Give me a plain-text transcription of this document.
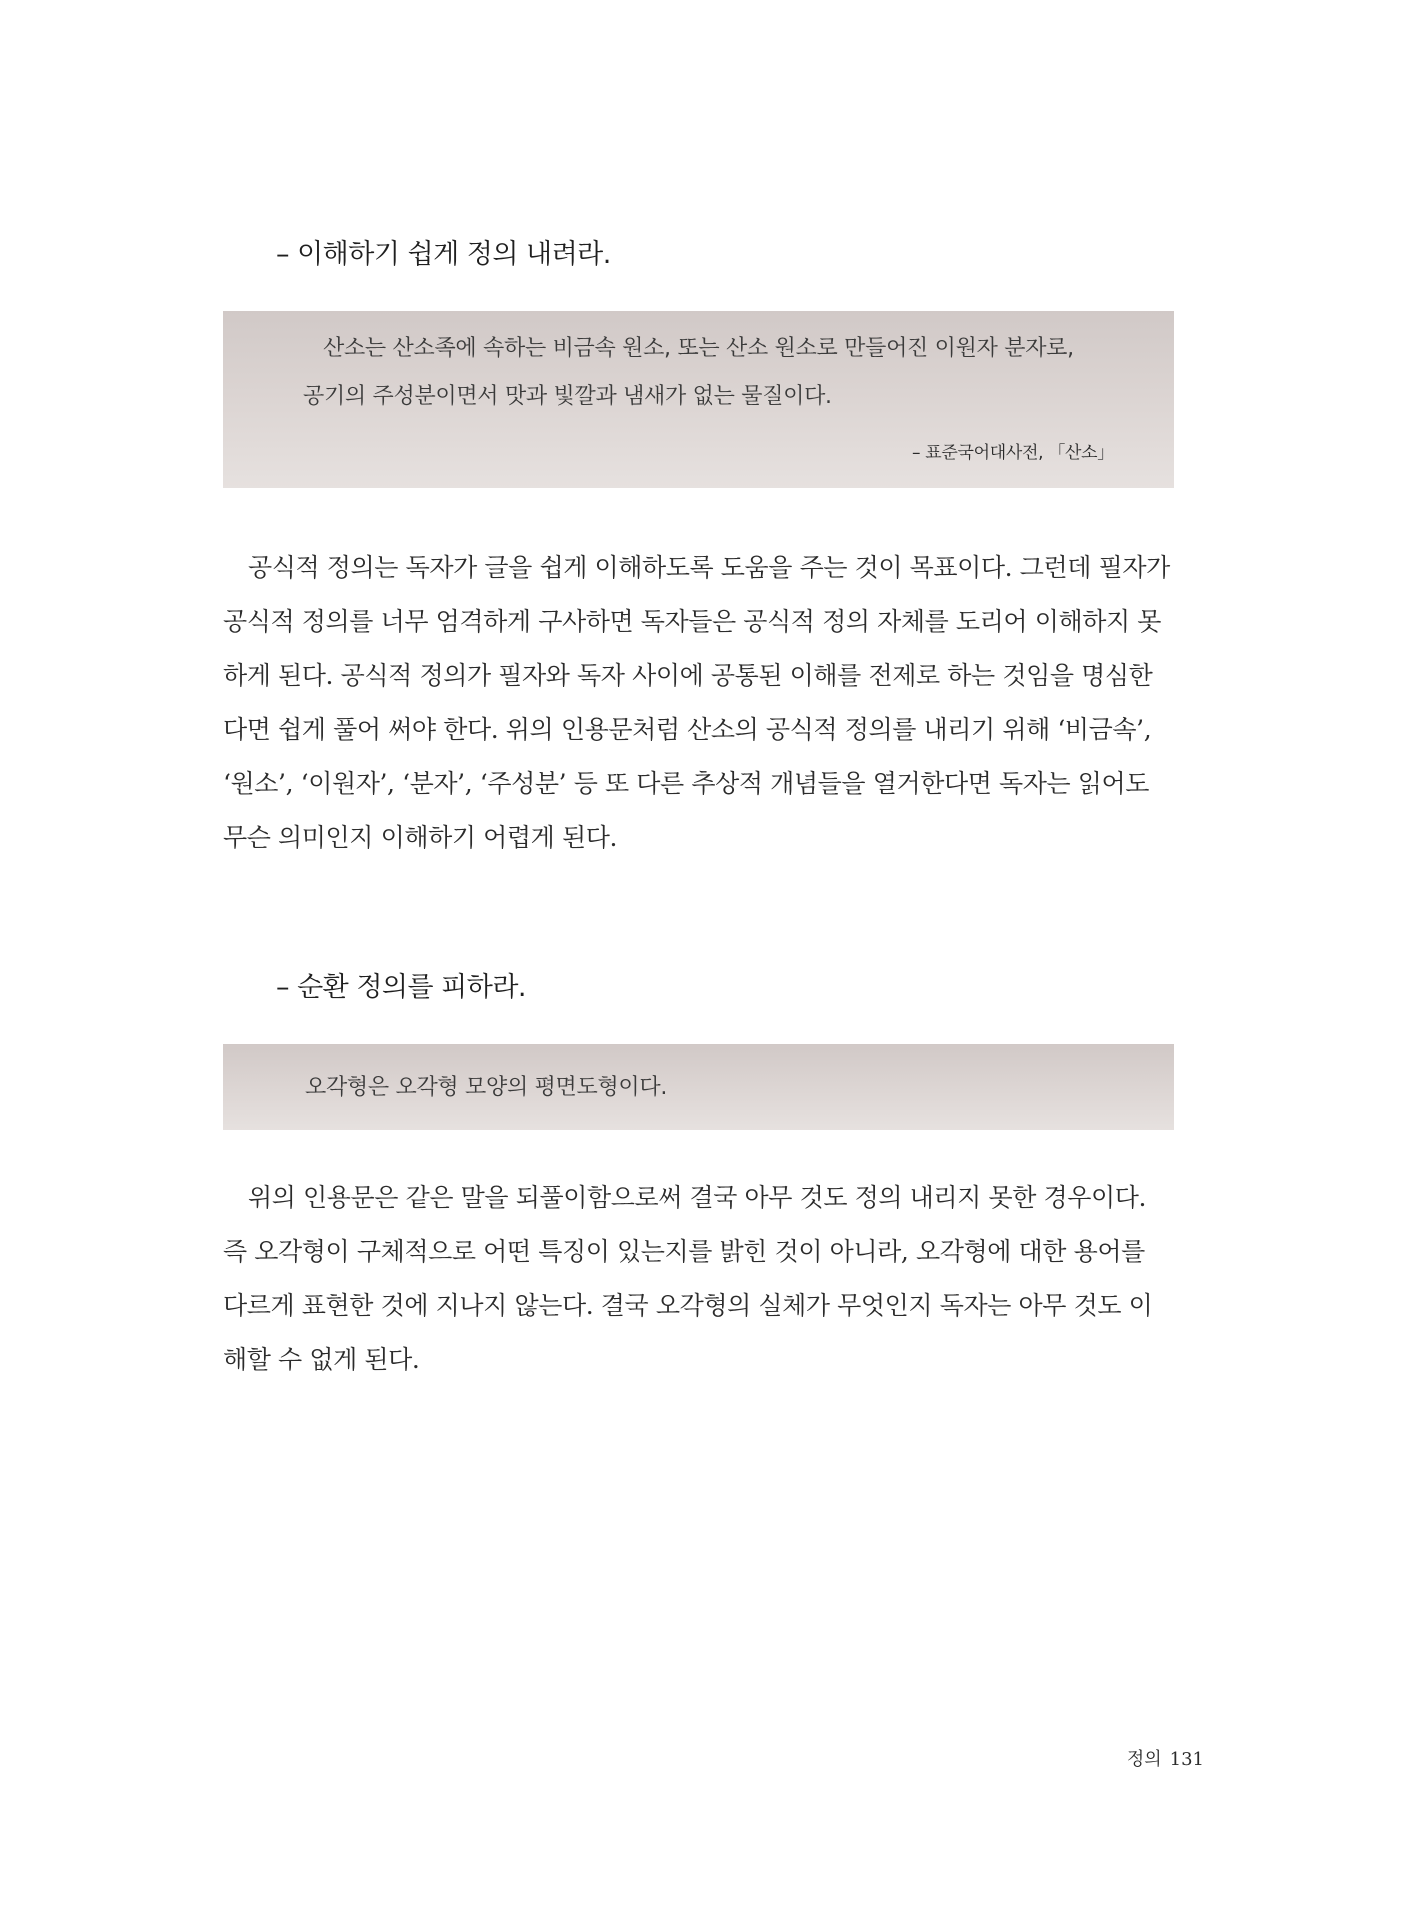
– 이해하기 쉽게 정의 내려라.
산소는 산소족에 속하는 비금속 원소, 또는 산소 원소로 만들어진 이원자 분자로,
공기의 주성분이면서 맛과 빛깔과 냄새가 없는 물질이다.
– 표준국어대사전, 「산소」
공식적 정의는 독자가 글을 쉽게 이해하도록 도움을 주는 것이 목표이다. 그런데 필자가
공식적 정의를 너무 엄격하게 구사하면 독자들은 공식적 정의 자체를 도리어 이해하지 못
하게 된다. 공식적 정의가 필자와 독자 사이에 공통된 이해를 전제로 하는 것임을 명심한
다면 쉽게 풀어 써야 한다. 위의 인용문처럼 산소의 공식적 정의를 내리기 위해 ‘비금속’,
‘원소’, ‘이원자’, ‘분자’, ‘주성분’ 등 또 다른 추상적 개념들을 열거한다면 독자는 읽어도
무슨 의미인지 이해하기 어렵게 된다.
– 순환 정의를 피하라.
오각형은 오각형 모양의 평면도형이다.
위의 인용문은 같은 말을 되풀이함으로써 결국 아무 것도 정의 내리지 못한 경우이다.
즉 오각형이 구체적으로 어떤 특징이 있는지를 밝힌 것이 아니라, 오각형에 대한 용어를
다르게 표현한 것에 지나지 않는다. 결국 오각형의 실체가 무엇인지 독자는 아무 것도 이
해할 수 없게 된다.
정의 131
